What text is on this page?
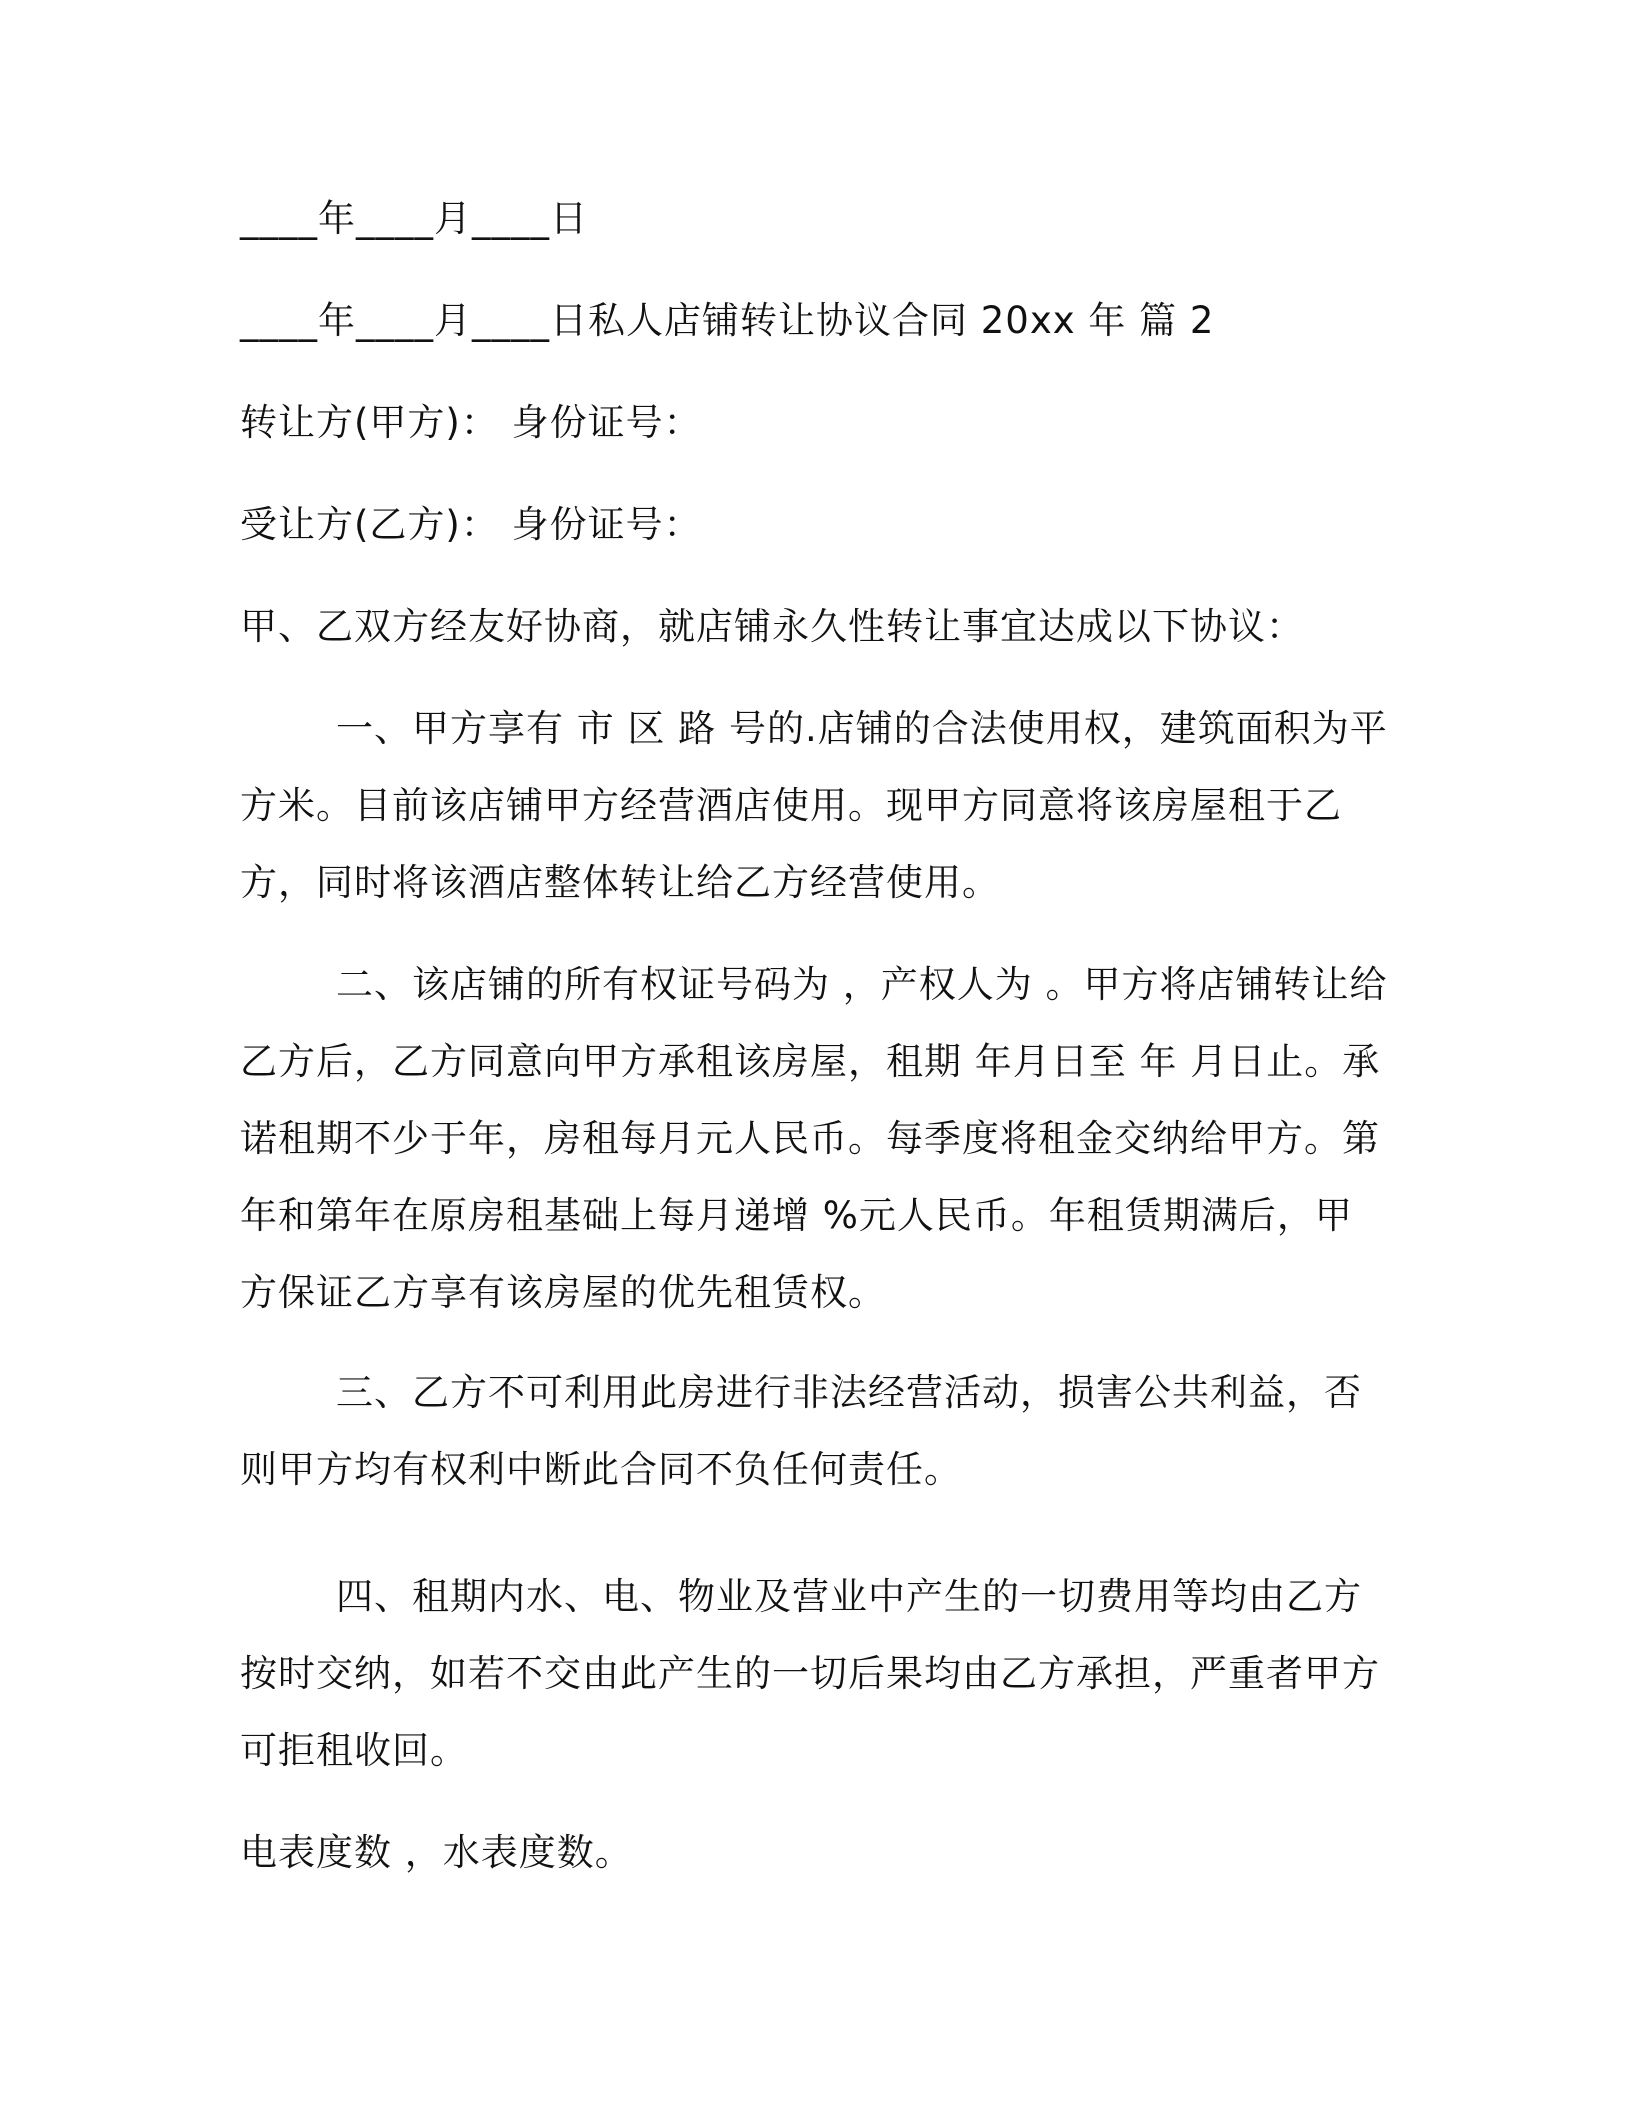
____年____月____日
____年____月____日私人店铺转让协议合同 20xx 年 篇 2
转让方(甲方)： 身份证号：
受让方(乙方)： 身份证号：
甲、乙双方经友好协商，就店铺永久性转让事宜达成以下协议：
一、甲方享有 市 区 路 号的.店铺的合法使用权，建筑面积为平方米。目前该店铺甲方经营酒店使用。现甲方同意将该房屋租于乙方，同时将该酒店整体转让给乙方经营使用。
二、该店铺的所有权证号码为 ，产权人为 。甲方将店铺转让给乙方后，乙方同意向甲方承租该房屋，租期 年月日至 年 月日止。承诺租期不少于年，房租每月元人民币。每季度将租金交纳给甲方。第年和第年在原房租基础上每月递增 %元人民币。年租赁期满后，甲方保证乙方享有该房屋的优先租赁权。
三、乙方不可利用此房进行非法经营活动，损害公共利益，否则甲方均有权利中断此合同不负任何责任。
四、租期内水、电、物业及营业中产生的一切费用等均由乙方按时交纳，如若不交由此产生的一切后果均由乙方承担，严重者甲方可拒租收回。
电表度数 ，水表度数。
